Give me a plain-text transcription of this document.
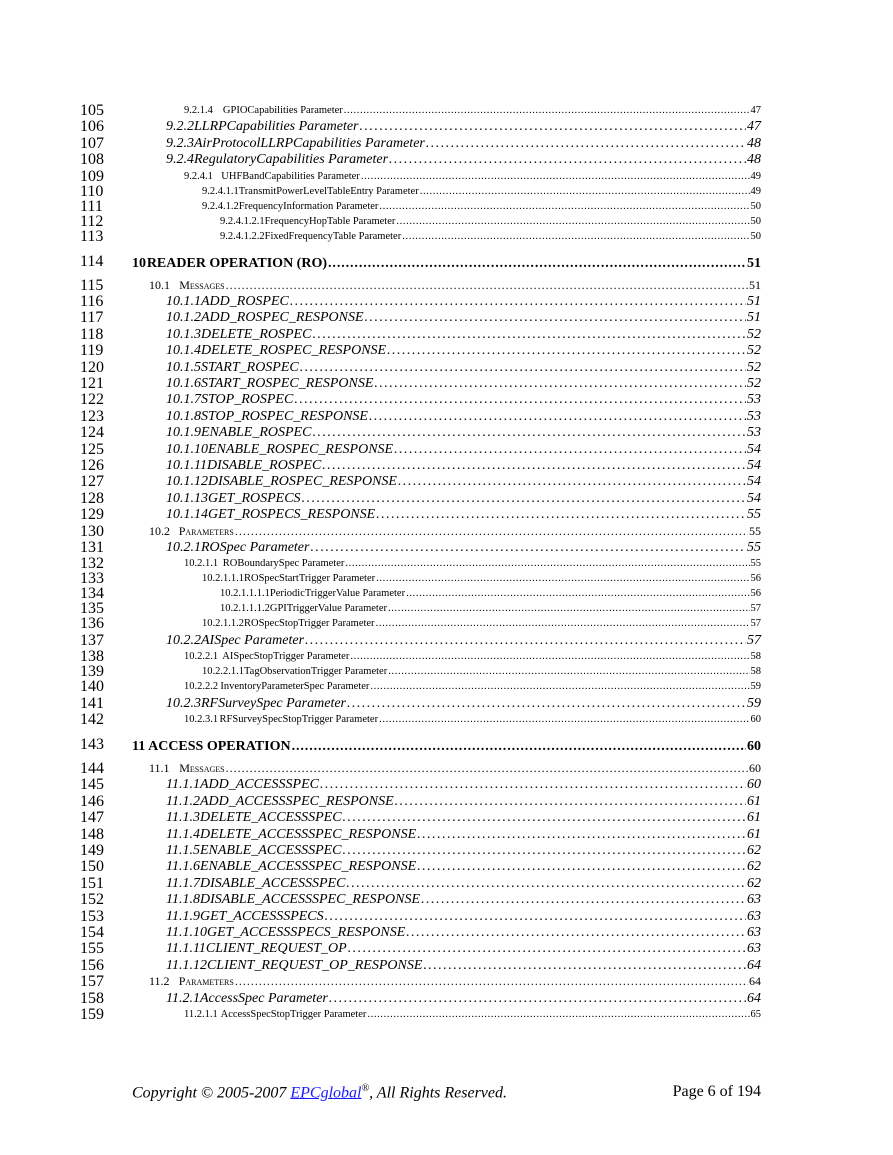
105	9.2.1.4 GPIOCapabilities Parameter . . .	47
106	9.2.2 LLRPCapabilities Parameter . . .	47
107	9.2.3 AirProtocolLLRPCapabilities Parameter . . .	48
108	9.2.4 RegulatoryCapabilities Parameter . . .	48
109	9.2.4.1 UHFBandCapabilities Parameter . . .	49
110	9.2.4.1.1 TransmitPowerLevelTableEntry Parameter . . .	49
111	9.2.4.1.2 FrequencyInformation Parameter . . .	50
112	9.2.4.1.2.1 FrequencyHopTable Parameter . . .	50
113	9.2.4.1.2.2 FixedFrequencyTable Parameter . . .	50
114	10 READER OPERATION (RO) . . .	51
115	10.1 Messages . . .	51
116	10.1.1 ADD_ROSPEC . . .	51
117	10.1.2 ADD_ROSPEC_RESPONSE . . .	51
118	10.1.3 DELETE_ROSPEC . . .	52
119	10.1.4 DELETE_ROSPEC_RESPONSE . . .	52
120	10.1.5 START_ROSPEC . . .	52
121	10.1.6 START_ROSPEC_RESPONSE . . .	52
122	10.1.7 STOP_ROSPEC . . .	53
123	10.1.8 STOP_ROSPEC_RESPONSE . . .	53
124	10.1.9 ENABLE_ROSPEC . . .	53
125	10.1.10 ENABLE_ROSPEC_RESPONSE . . .	54
126	10.1.11 DISABLE_ROSPEC . . .	54
127	10.1.12 DISABLE_ROSPEC_RESPONSE . . .	54
128	10.1.13 GET_ROSPECS . . .	54
129	10.1.14 GET_ROSPECS_RESPONSE . . .	55
130	10.2 Parameters . . .	55
131	10.2.1 ROSpec Parameter . . .	55
132	10.2.1.1 ROBoundarySpec Parameter . . .	55
133	10.2.1.1.1 ROSpecStartTrigger Parameter . . .	56
134	10.2.1.1.1.1 PeriodicTriggerValue Parameter . . .	56
135	10.2.1.1.1.2 GPITriggerValue Parameter . . .	57
136	10.2.1.1.2 ROSpecStopTrigger Parameter . . .	57
137	10.2.2 AISpec Parameter . . .	57
138	10.2.2.1 AISpecStopTrigger Parameter . . .	58
139	10.2.2.1.1 TagObservationTrigger Parameter . . .	58
140	10.2.2.2 InventoryParameterSpec Parameter . . .	59
141	10.2.3 RFSurveySpec Parameter . . .	59
142	10.2.3.1 RFSurveySpecStopTrigger Parameter . . .	60
143	11 ACCESS OPERATION . . .	60
144	11.1 Messages . . .	60
145	11.1.1 ADD_ACCESSSPEC . . .	60
146	11.1.2 ADD_ACCESSSPEC_RESPONSE . . .	61
147	11.1.3 DELETE_ACCESSSPEC . . .	61
148	11.1.4 DELETE_ACCESSSPEC_RESPONSE . . .	61
149	11.1.5 ENABLE_ACCESSSPEC . . .	62
150	11.1.6 ENABLE_ACCESSSPEC_RESPONSE . . .	62
151	11.1.7 DISABLE_ACCESSSPEC . . .	62
152	11.1.8 DISABLE_ACCESSSPEC_RESPONSE . . .	63
153	11.1.9 GET_ACCESSSPECS . . .	63
154	11.1.10 GET_ACCESSSPECS_RESPONSE . . .	63
155	11.1.11 CLIENT_REQUEST_OP . . .	63
156	11.1.12 CLIENT_REQUEST_OP_RESPONSE . . .	64
157	11.2 Parameters . . .	64
158	11.2.1 AccessSpec Parameter . . .	64
159	11.2.1.1 AccessSpecStopTrigger Parameter . . .	65
Copyright © 2005-2007 EPCglobal®, All Rights Reserved.	Page 6 of 194
